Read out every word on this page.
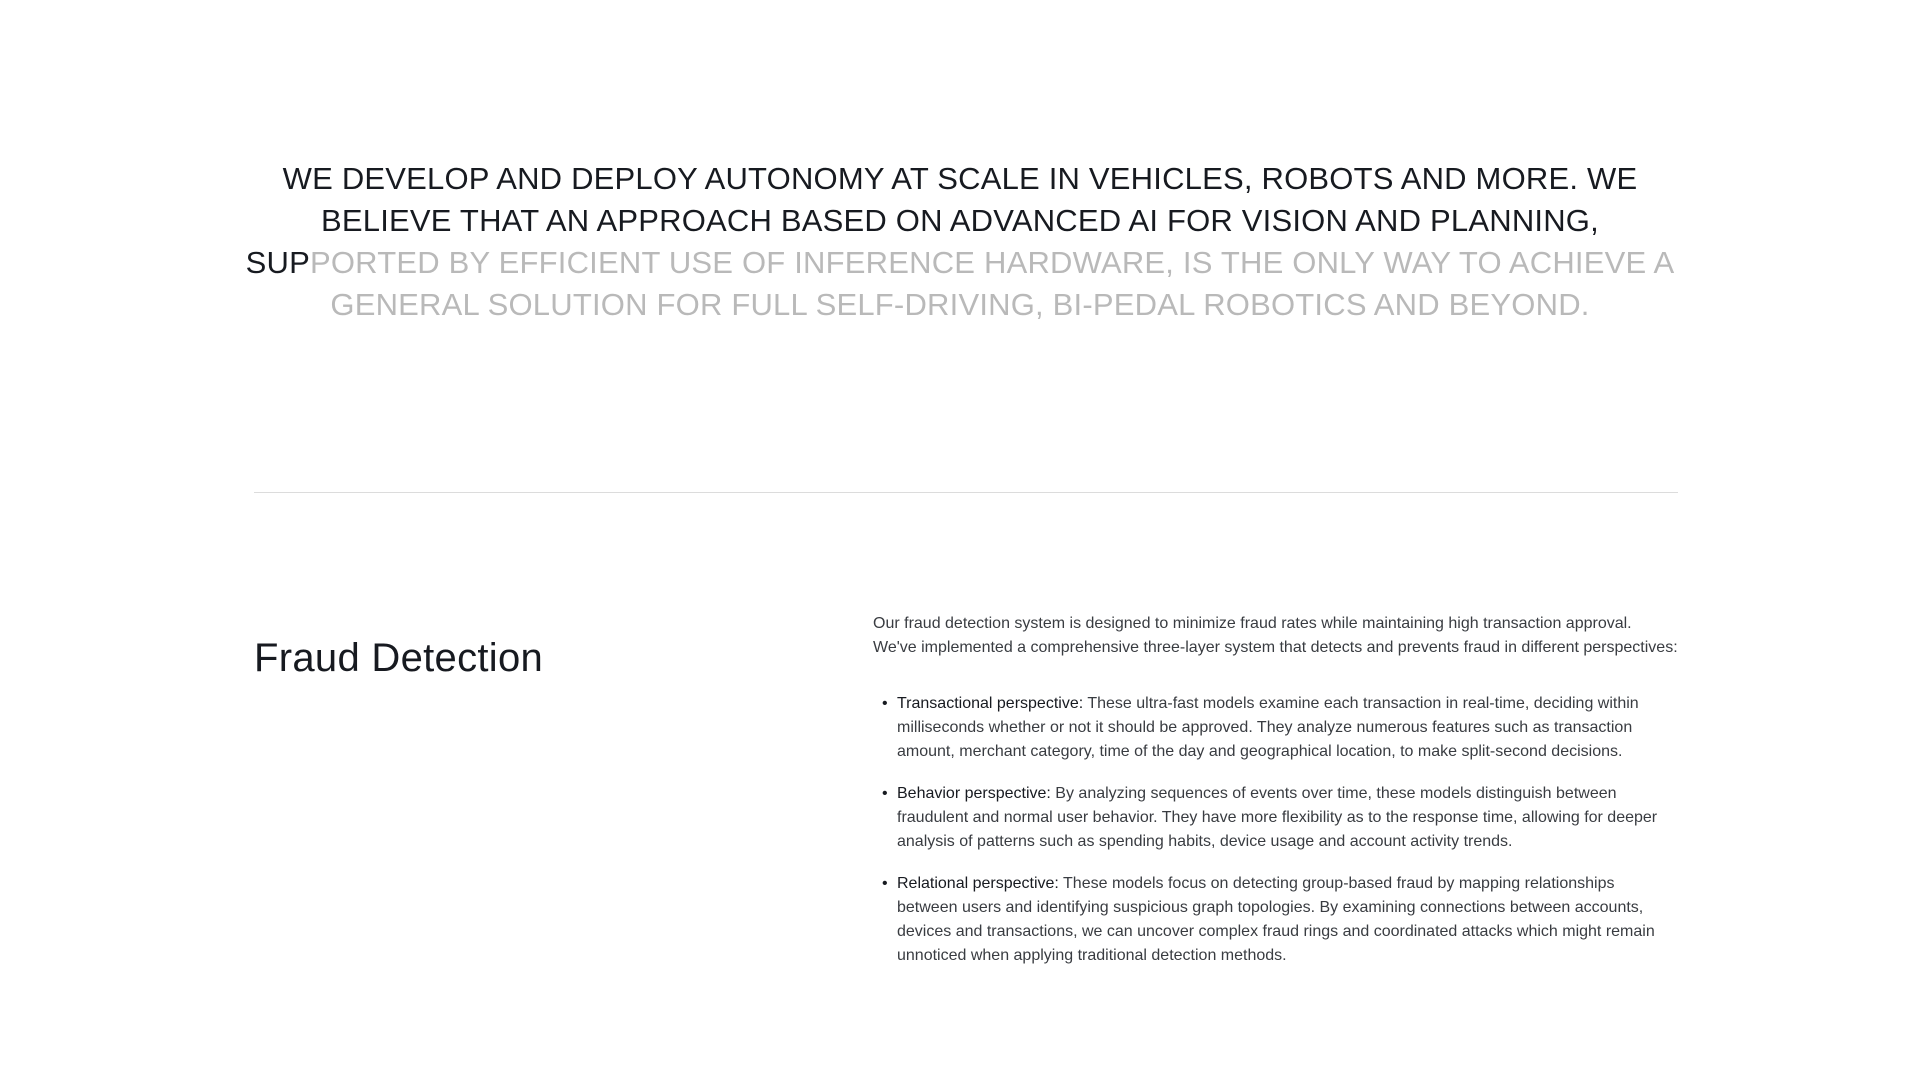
WE DEVELOP AND DEPLOY AUTONOMY AT SCALE IN VEHICLES, ROBOTS AND MORE. WE BELIEVE THAT AN APPROACH BASED ON ADVANCED AI FOR VISION AND PLANNING, SUPPORTED BY EFFICIENT USE OF INFERENCE HARDWARE, IS THE ONLY WAY TO ACHIEVE A GENERAL SOLUTION FOR FULL SELF-DRIVING, BI-PEDAL ROBOTICS AND BEYOND.
Fraud Detection

Our fraud detection system is designed to minimize fraud rates while maintaining high transaction approval. We've implemented a comprehensive three-layer system that detects and prevents fraud in different perspectives:

• Transactional perspective: These ultra-fast models examine each transaction in real-time, deciding within milliseconds whether or not it should be approved. They analyze numerous features such as transaction amount, merchant category, time of the day and geographical location, to make split-second decisions.
• Behavior perspective: By analyzing sequences of events over time, these models distinguish between fraudulent and normal user behavior. They have more flexibility as to the response time, allowing for deeper analysis of patterns such as spending habits, device usage and account activity trends.
• Relational perspective: These models focus on detecting group-based fraud by mapping relationships between users and identifying suspicious graph topologies. By examining connections between accounts, devices and transactions, we can uncover complex fraud rings and coordinated attacks which might remain unnoticed when applying traditional detection methods.
